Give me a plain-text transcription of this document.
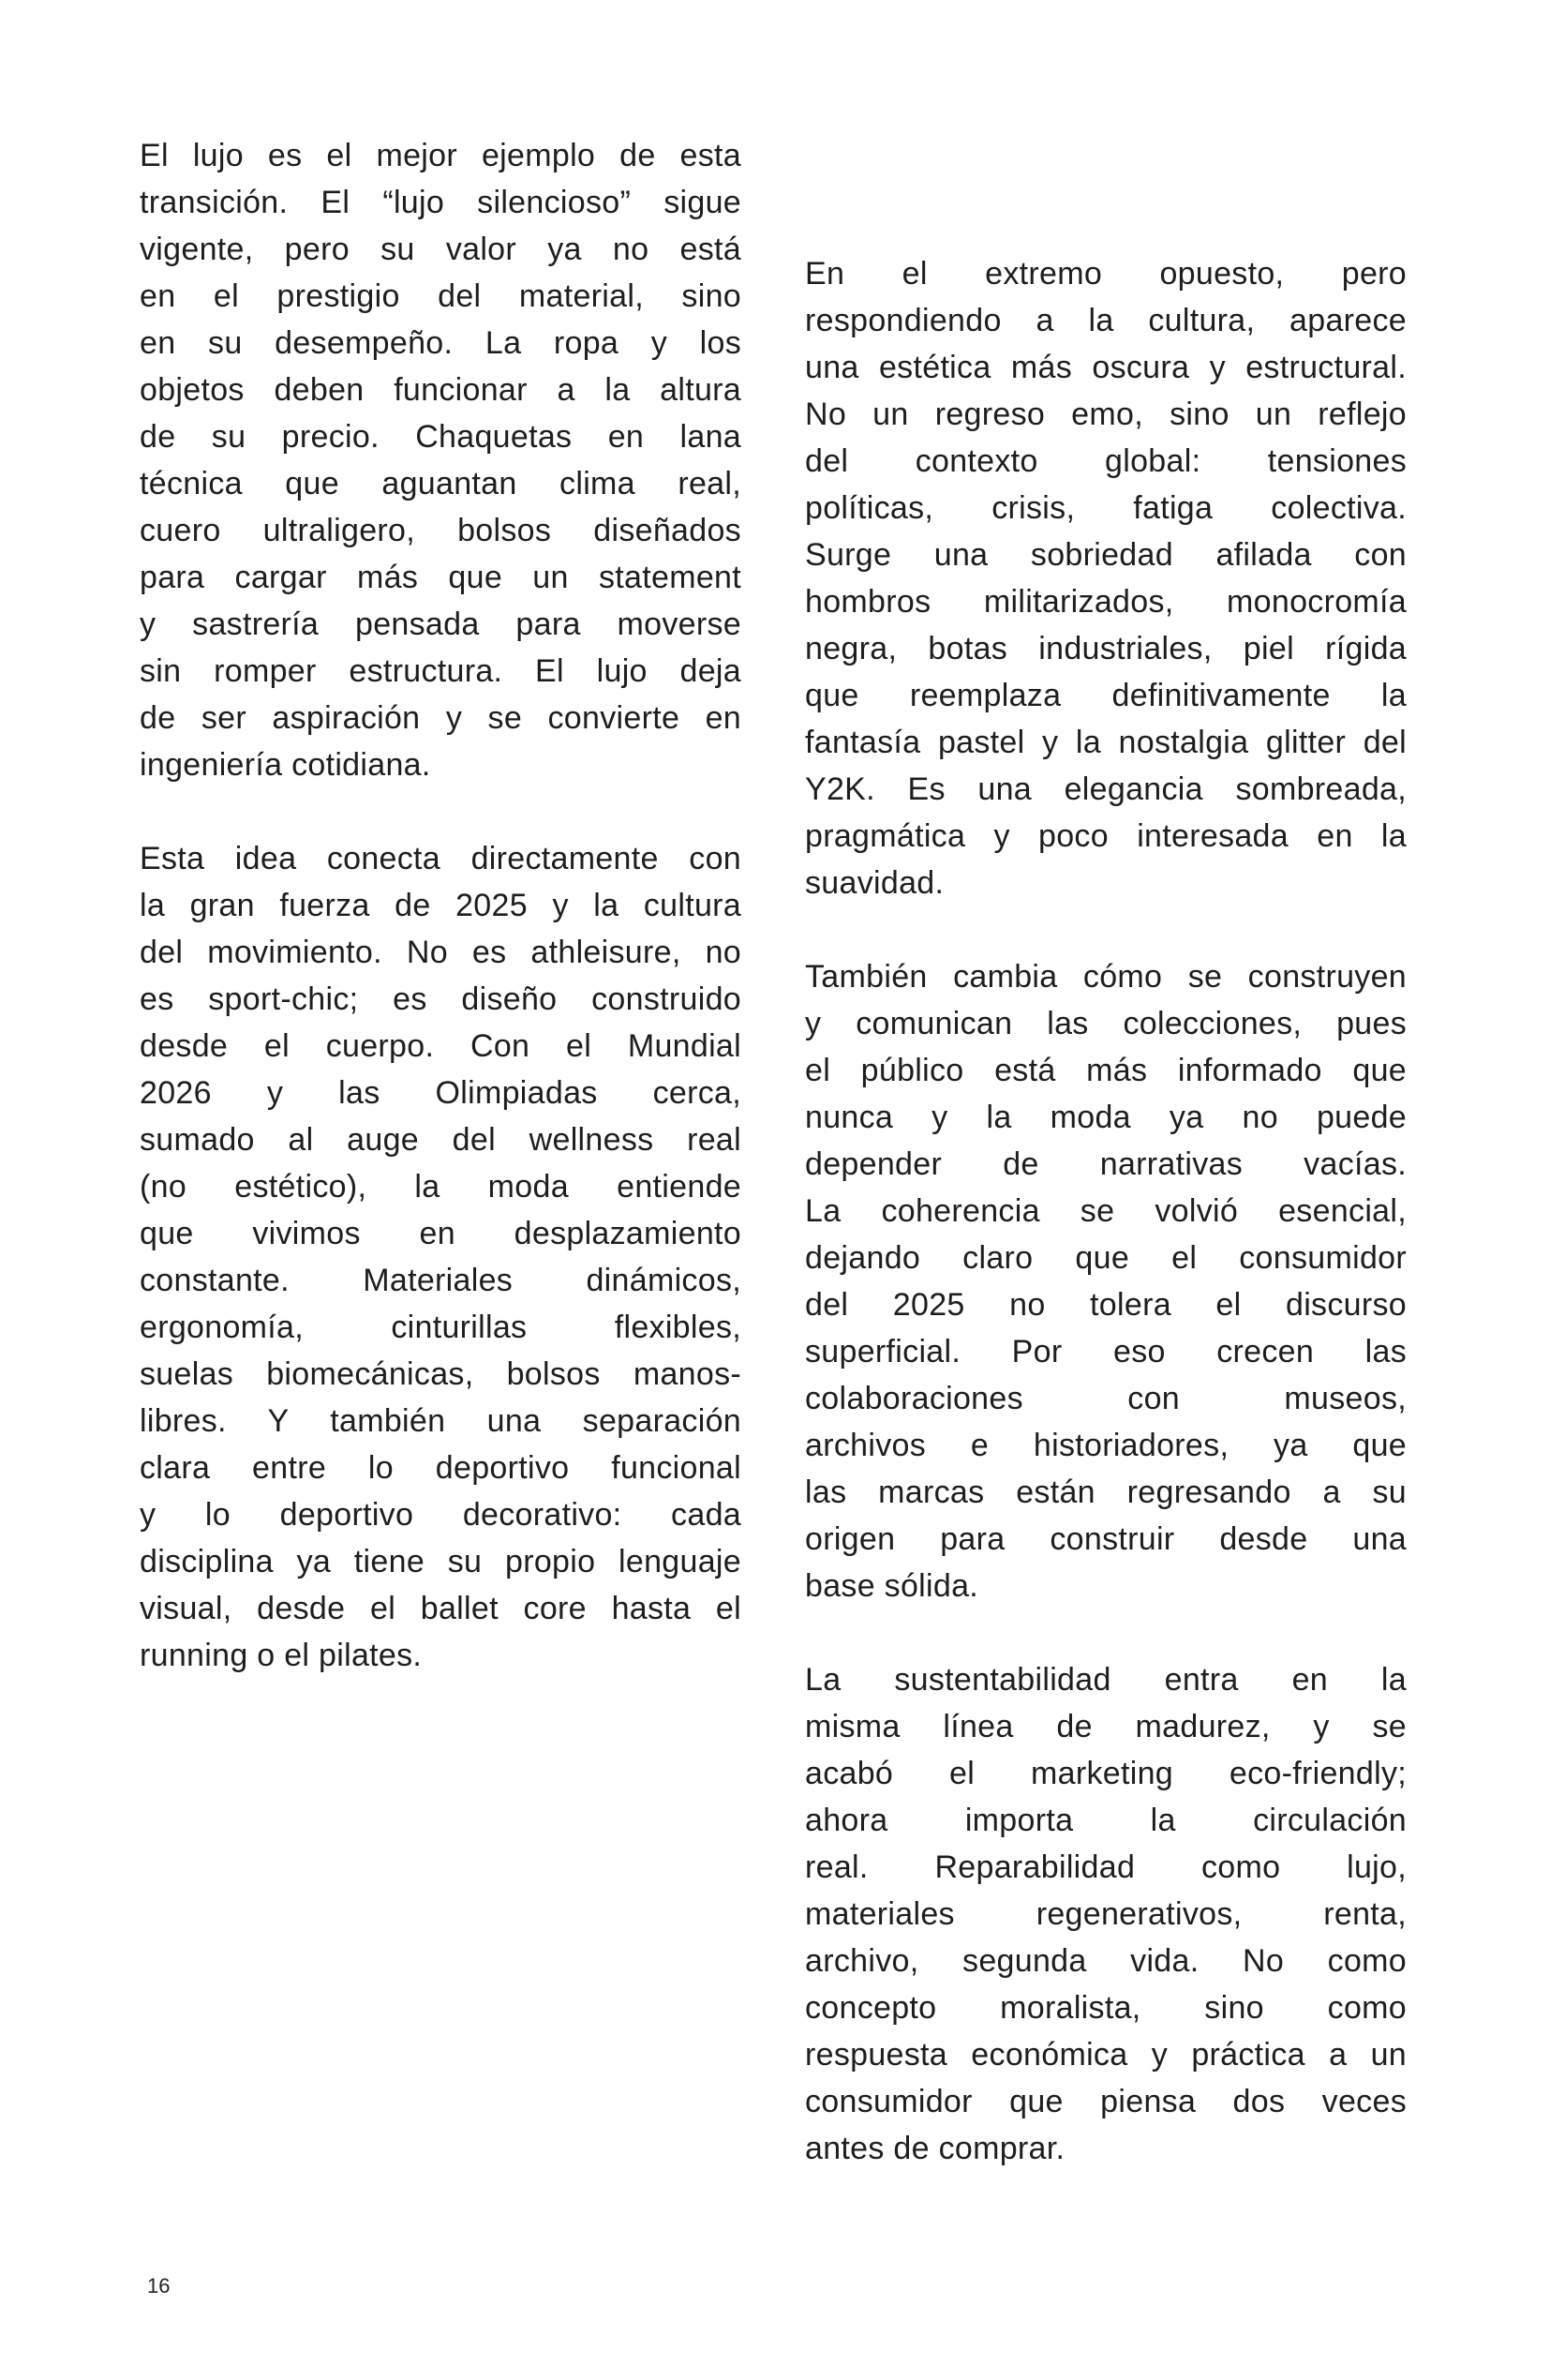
El lujo es el mejor ejemplo de esta
transición. El “lujo silencioso” sigue
vigente, pero su valor ya no está
en el prestigio del material, sino
en su desempeño. La ropa y los
objetos deben funcionar a la altura
de su precio. Chaquetas en lana
técnica que aguantan clima real,
cuero ultraligero, bolsos diseñados
para cargar más que un statement
y sastrería pensada para moverse
sin romper estructura. El lujo deja
de ser aspiración y se convierte en
ingeniería cotidiana.
Esta idea conecta directamente con
la gran fuerza de 2025 y la cultura
del movimiento. No es athleisure, no
es sport-chic; es diseño construido
desde el cuerpo. Con el Mundial
2026 y las Olimpiadas cerca,
sumado al auge del wellness real
(no estético), la moda entiende
que vivimos en desplazamiento
constante. Materiales dinámicos,
ergonomía, cinturillas flexibles,
suelas biomecánicas, bolsos manos-
libres. Y también una separación
clara entre lo deportivo funcional
y lo deportivo decorativo: cada
disciplina ya tiene su propio lenguaje
visual, desde el ballet core hasta el
running o el pilates.
En el extremo opuesto, pero
respondiendo a la cultura, aparece
una estética más oscura y estructural.
No un regreso emo, sino un reflejo
del contexto global: tensiones
políticas, crisis, fatiga colectiva.
Surge una sobriedad afilada con
hombros militarizados, monocromía
negra, botas industriales, piel rígida
que reemplaza definitivamente la
fantasía pastel y la nostalgia glitter del
Y2K. Es una elegancia sombreada,
pragmática y poco interesada en la
suavidad.
También cambia cómo se construyen
y comunican las colecciones, pues
el público está más informado que
nunca y la moda ya no puede
depender de narrativas vacías.
La coherencia se volvió esencial,
dejando claro que el consumidor
del 2025 no tolera el discurso
superficial. Por eso crecen las
colaboraciones con museos,
archivos e historiadores, ya que
las marcas están regresando a su
origen para construir desde una
base sólida.
La sustentabilidad entra en la
misma línea de madurez, y se
acabó el marketing eco-friendly;
ahora importa la circulación
real. Reparabilidad como lujo,
materiales regenerativos, renta,
archivo, segunda vida. No como
concepto moralista, sino como
respuesta económica y práctica a un
consumidor que piensa dos veces
antes de comprar.
16
